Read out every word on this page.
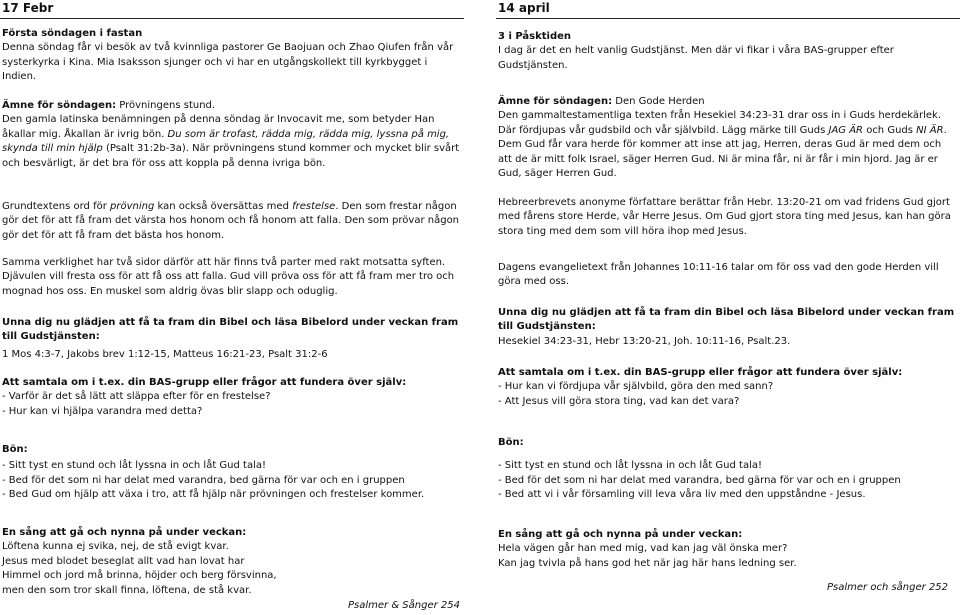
17 Febr

Första söndagen i fastan

Denna söndag får vi besök av två kvinnliga pastorer Ge Baojuan och Zhao Qiufen från vår systerkyrka i Kina. Mia Isaksson sjunger och vi har en utgångskollekt till kyrkbygget i Indien.

Ämne för söndagen: Prövningens stund.

Den gamla latinska benämningen på denna söndag är Invocavit me, som betyder Han åkallar mig. Åkallan är ivrig bön. Du som är trofast, rädda mig, rädda mig, lyssna på mig, skynda till min hjälp (Psalt 31:2b-3a). När prövningens stund kommer och mycket blir svårt och besvärligt, är det bra för oss att koppla på denna ivriga bön.

Grundtextens ord för prövning kan också översättas med frestelse. Den som frestar någon gör det för att få fram det värsta hos honom och få honom att falla. Den som prövar någon gör det för att få fram det bästa hos honom.

Samma verklighet har två sidor därför att här finns två parter med rakt motsatta syften. Djävulen vill fresta oss för att få oss att falla. Gud vill pröva oss för att få fram mer tro och mognad hos oss. En muskel som aldrig övas blir slapp och oduglig.

Unna dig nu glädjen att få ta fram din Bibel och läsa Bibelord under veckan fram till Gudstjänsten:

1 Mos 4:3-7, Jakobs brev 1:12-15, Matteus 16:21-23, Psalt 31:2-6

Att samtala om i t.ex. din BAS-grupp eller frågor att fundera över själv:

- Varför är det så lätt att släppa efter för en frestelse?

- Hur kan vi hjälpa varandra med detta?

Bön:

- Sitt tyst en stund och låt lyssna in och låt Gud tala!

- Bed för det som ni har delat med varandra, bed gärna för var och en i gruppen

- Bed Gud om hjälp att växa i tro, att få hjälp när prövningen och frestelser kommer.

En sång att gå och nynna på under veckan:

Löftena kunna ej svika, nej, de stå evigt kvar.

Jesus med blodet beseglat allt vad han lovat har

Himmel och jord må brinna, höjder och berg försvinna,

men den som tror skall finna, löftena, de stå kvar.

Psalmer & Sånger 254
14 april

3 i Påsktiden

I dag är det en helt vanlig Gudstjänst. Men där vi fikar i våra BAS-grupper efter Gudstjänsten.

Ämne för söndagen: Den Gode Herden

Den gammaltestamentliga texten från Hesekiel 34:23-31 drar oss in i Guds herdekärlek. Där fördjupas vår gudsbild och vår självbild. Lägg märke till Guds JAG ÄR och Guds NI ÄR. Dem Gud får vara herde för kommer att inse att jag, Herren, deras Gud är med dem och att de är mitt folk Israel, säger Herren Gud. Ni är mina får, ni är får i min hjord. Jag är er Gud, säger Herren Gud.

Hebreerbrevets anonyme författare berättar från Hebr. 13:20-21 om vad fridens Gud gjort med fårens store Herde, vår Herre Jesus. Om Gud gjort stora ting med Jesus, kan han göra stora ting med dem som vill höra ihop med Jesus.

Dagens evangelietext från Johannes 10:11-16 talar om för oss vad den gode Herden vill göra med oss.

Unna dig nu glädjen att få ta fram din Bibel och läsa Bibelord under veckan fram till Gudstjänsten:

Hesekiel 34:23-31, Hebr 13:20-21, Joh. 10:11-16, Psalt.23.

Att samtala om i t.ex. din BAS-grupp eller frågor att fundera över själv:

- Hur kan vi fördjupa vår självbild, göra den med sann?

- Att Jesus vill göra stora ting, vad kan det vara?

Bön:

- Sitt tyst en stund och låt lyssna in och låt Gud tala!

- Bed för det som ni har delat med varandra, bed gärna för var och en i gruppen

- Bed att vi i vår församling vill leva våra liv med den uppståndne - Jesus.

En sång att gå och nynna på under veckan:

Hela vägen går han med mig, vad kan jag väl önska mer?

Kan jag tvivla på hans god het när jag här hans ledning ser.

Psalmer och sånger 252
